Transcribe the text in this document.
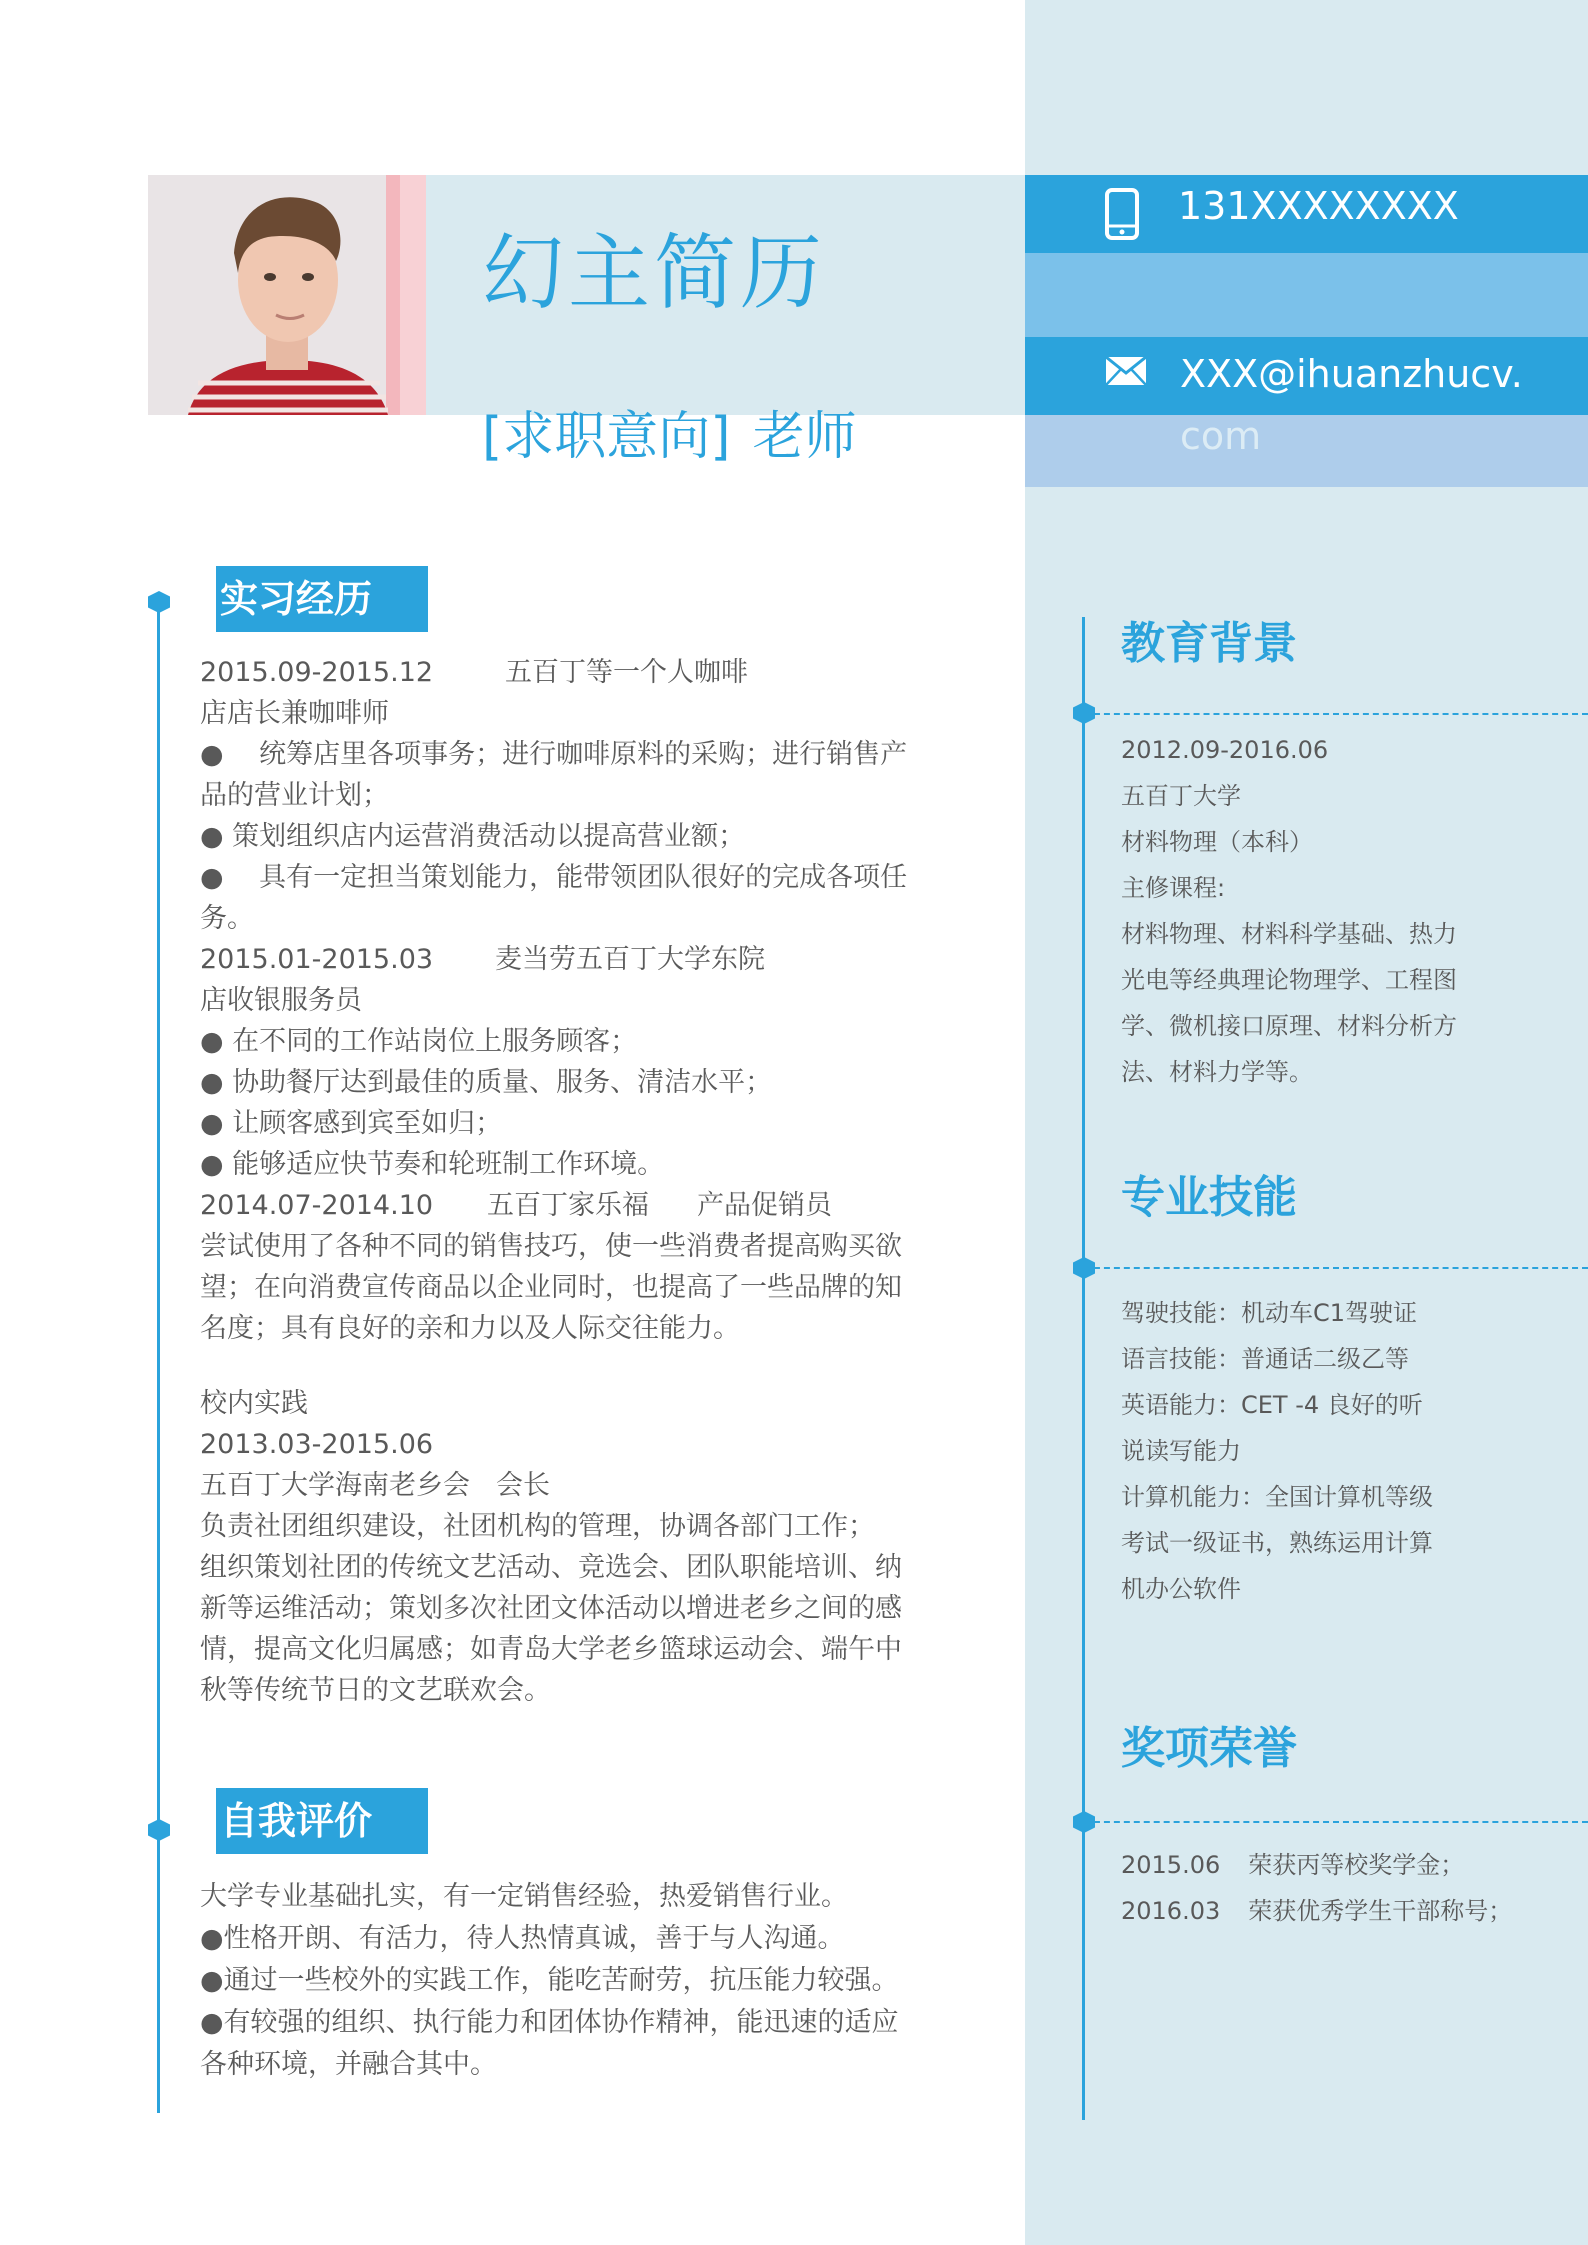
幻主简历
[求职意向] 老师
131XXXXXXXX
XXX@ihuanzhucv.
com
实习经历

2015.09-2015.12	五百丁等一个人咖啡

店店长兼咖啡师

●　 统筹店里各项事务；进行咖啡原料的采购；进行销售产品的营业计划；

● 策划组织店内运营消费活动以提高营业额；

●　 具有一定担当策划能力，能带领团队很好的完成各项任务。

2015.01-2015.03 麦当劳五百丁大学东院

店收银服务员

● 在不同的工作站岗位上服务顾客；

● 协助餐厅达到最佳的质量、服务、清洁水平；

● 让顾客感到宾至如归；

● 能够适应快节奏和轮班制工作环境。

2014.07-2014.10 五百丁家乐福 产品促销员

尝试使用了各种不同的销售技巧，使一些消费者提高购买欲望；在向消费宣传商品以企业同时，也提高了一些品牌的知名度；具有良好的亲和力以及人际交往能力。

校内实践

2013.03-2015.06

五百丁大学海南老乡会 会长

负责社团组织建设，社团机构的管理，协调各部门工作；

组织策划社团的传统文艺活动、竞选会、团队职能培训、纳新等运维活动；策划多次社团文体活动以增进老乡之间的感情，提高文化归属感；如青岛大学老乡篮球运动会、端午中秋等传统节日的文艺联欢会。

自我评价

大学专业基础扎实，有一定销售经验，热爱销售行业。

●性格开朗、有活力，待人热情真诚，善于与人沟通。

●通过一些校外的实践工作，能吃苦耐劳，抗压能力较强。

●有较强的组织、执行能力和团体协作精神，能迅速的适应各种环境，并融合其中。

教育背景

2012.09-2016.06

五百丁大学

材料物理（本科）

主修课程:

材料物理、材料科学基础、热力光电等经典理论物理学、工程图学、微机接口原理、材料分析方法、材料力学等。

专业技能

驾驶技能：机动车C1驾驶证

语言技能：普通话二级乙等

英语能力：CET -4 良好的听说读写能力

计算机能力：全国计算机等级考试一级证书，熟练运用计算机办公软件

奖项荣誉

2015.06 荣获丙等校奖学金；

2016.03 荣获优秀学生干部称号；
